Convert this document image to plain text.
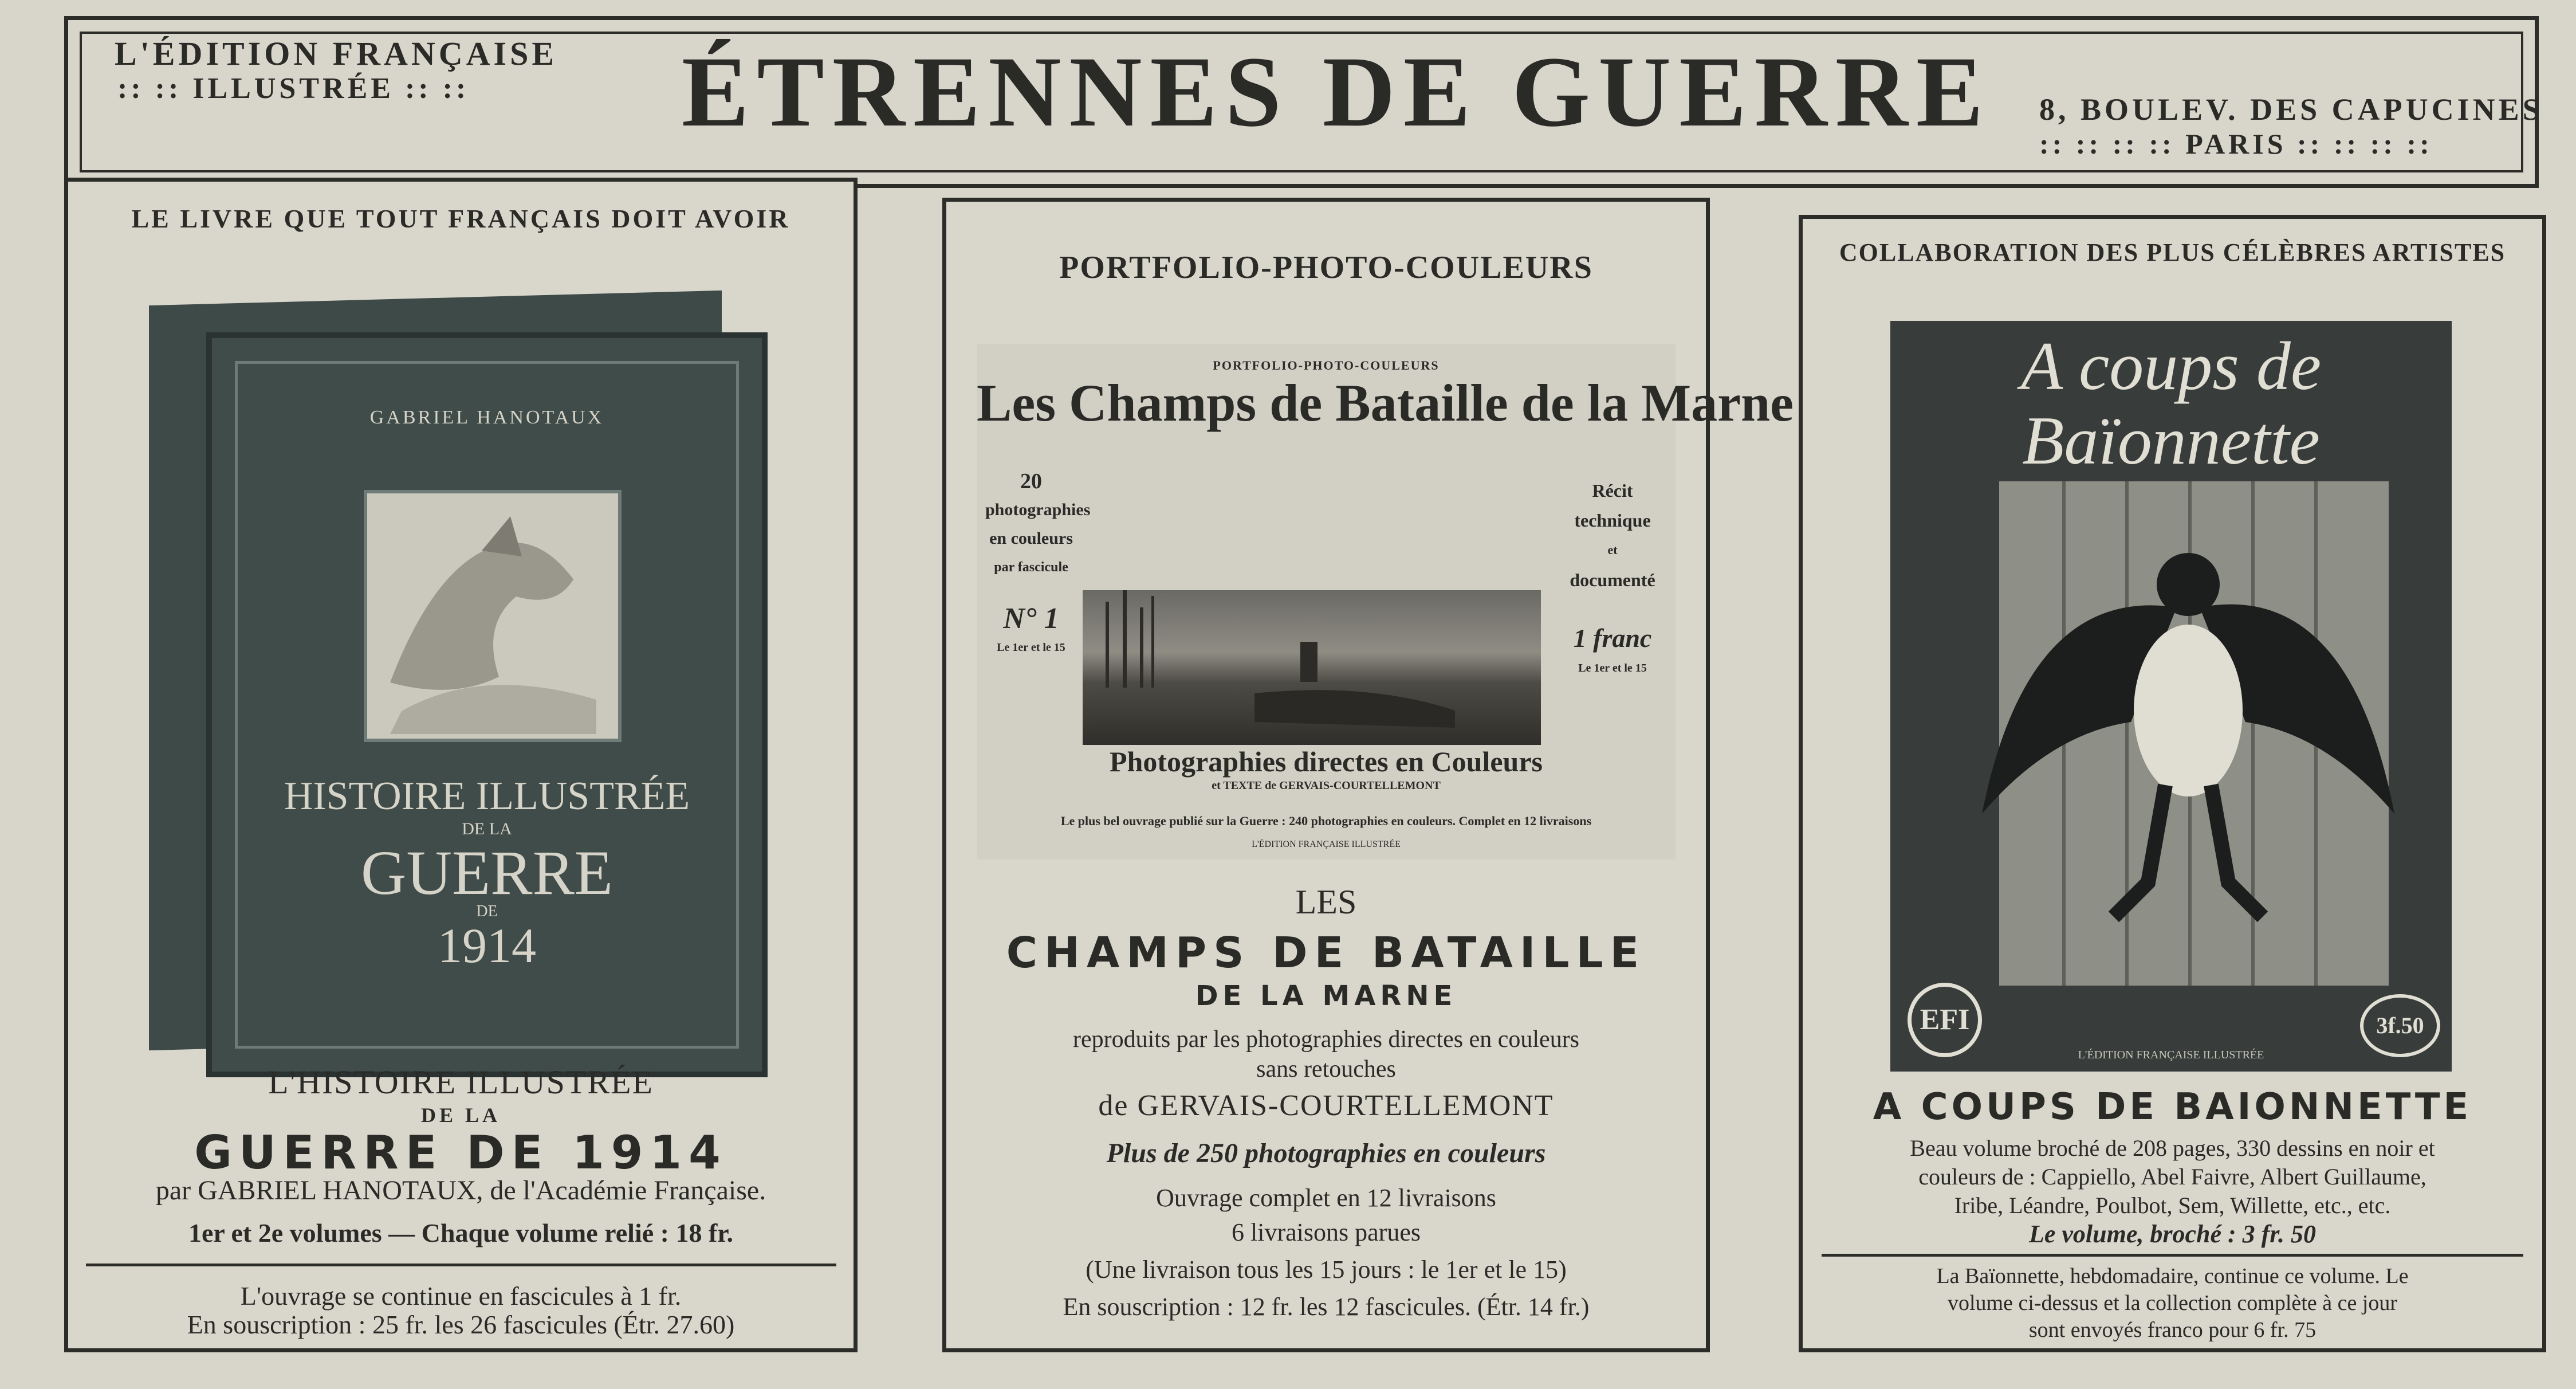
L'ÉDITION FRANÇAISE
:: :: ILLUSTRÉE :: :: ÉTRENNES DE GUERRE 8, BOULEV. DES CAPUCINES
:: :: :: :: PARIS :: :: :: ::
LE LIVRE QUE TOUT FRANÇAIS DOIT AVOIR
GABRIEL HANOTAUX
HISTOIRE ILLUSTRÉE
DE LA
GUERRE
DE
1914
L'HISTOIRE ILLUSTRÉE
DE LA
GUERRE DE 1914
par GABRIEL HANOTAUX, de l'Académie Française.
1er et 2e volumes — Chaque volume relié : 18 fr.
L'ouvrage se continue en fascicules à 1 fr.
En souscription : 25 fr. les 26 fascicules (Étr. 27.60)
PORTFOLIO-PHOTO-COULEURS
PORTFOLIO-PHOTO-COULEURS
Les Champs de Bataille de la Marne
20
photographies
en couleurs
par fascicule
N° 1
Le 1er et le 15
Récit
technique
et
documenté
1 franc
Le 1er et le 15
Photographies directes en Couleurs
et TEXTE de GERVAIS-COURTELLEMONT
Le plus bel ouvrage publié sur la Guerre : 240 photographies en couleurs. Complet en 12 livraisons
L'ÉDITION FRANÇAISE ILLUSTRÉE
LES
CHAMPS DE BATAILLE
DE LA MARNE
reproduits par les photographies directes en couleurs
sans retouches
de GERVAIS-COURTELLEMONT
Plus de 250 photographies en couleurs
Ouvrage complet en 12 livraisons
6 livraisons parues
(Une livraison tous les 15 jours : le 1er et le 15)
En souscription : 12 fr. les 12 fascicules. (Étr. 14 fr.)
COLLABORATION DES PLUS CÉLÈBRES ARTISTES
A coups de
Baïonnette
EFI	3f.50
L'ÉDITION FRANÇAISE ILLUSTRÉE
A COUPS DE BAIONNETTE
Beau volume broché de 208 pages, 330 dessins en noir et
couleurs de : Cappiello, Abel Faivre, Albert Guillaume,
Iribe, Léandre, Poulbot, Sem, Willette, etc., etc.
Le volume, broché : 3 fr. 50
La Baïonnette, hebdomadaire, continue ce volume. Le
volume ci-dessus et la collection complète à ce jour
sont envoyés franco pour 6 fr. 75
